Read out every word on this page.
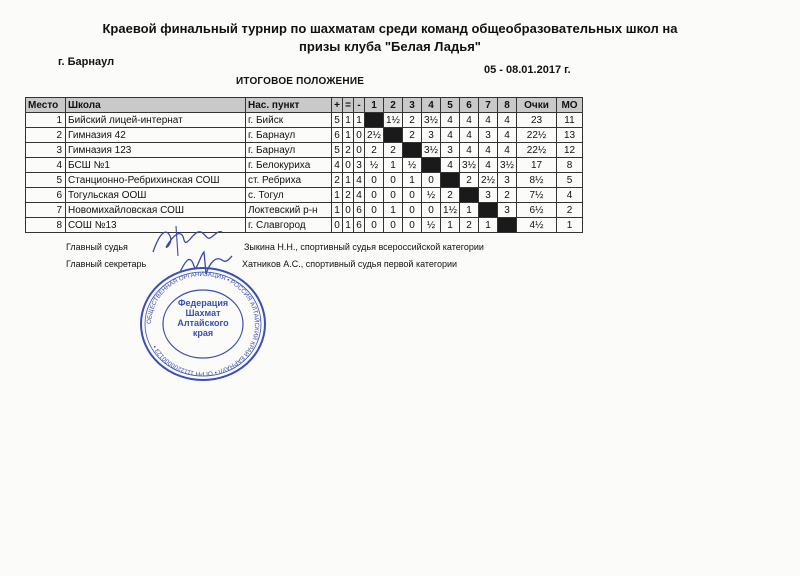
Краевой финальный турнир по шахматам среди команд общеобразовательных школ на
призы клуба "Белая Ладья"
г. Барнаул
05 - 08.01.2017 г.
ИТОГОВОЕ ПОЛОЖЕНИЕ
Место	Школа	Нас. пункт	+	=	-	1	2	3	4	5	6	7	8	Очки	МО
1	Бийский лицей-интернат	г. Бийск	5	1	1		1½	2	3½	4	4	4	4	23	11
2	Гимназия 42	г. Барнаул	6	1	0	2½		2	3	4	4	3	4	22½	13
3	Гимназия 123	г. Барнаул	5	2	0	2	2		3½	3	4	4	4	22½	12
4	БСШ №1	г. Белокуриха	4	0	3	½	1	½		4	3½	4	3½	17	8
5	Станционно-Ребрихинская СОШ	ст. Ребриха	2	1	4	0	0	1	0		2	2½	3	8½	5
6	Тогульская ООШ	с. Тогул	1	2	4	0	0	0	½	2		3	2	7½	4
7	Новомихайловская СОШ	Локтевский р-н	1	0	6	0	1	0	0	1½	1		3	6½	2
8	СОШ №13	г. Славгород	0	1	6	0	0	0	½	1	2	1		4½	1
Главный судья	Зыкина Н.Н., спортивный судья всероссийской категории
Главный секретарь	Хатников А.С., спортивный судья первой категории
ОБЩЕСТВЕННАЯ ОРГАНИЗАЦИЯ • РОССИЯ АЛТАЙСКИЙ КРАЙ БАРНАУЛ • ОГРН 1112200000123 •
Федерация Шахмат Алтайского края
